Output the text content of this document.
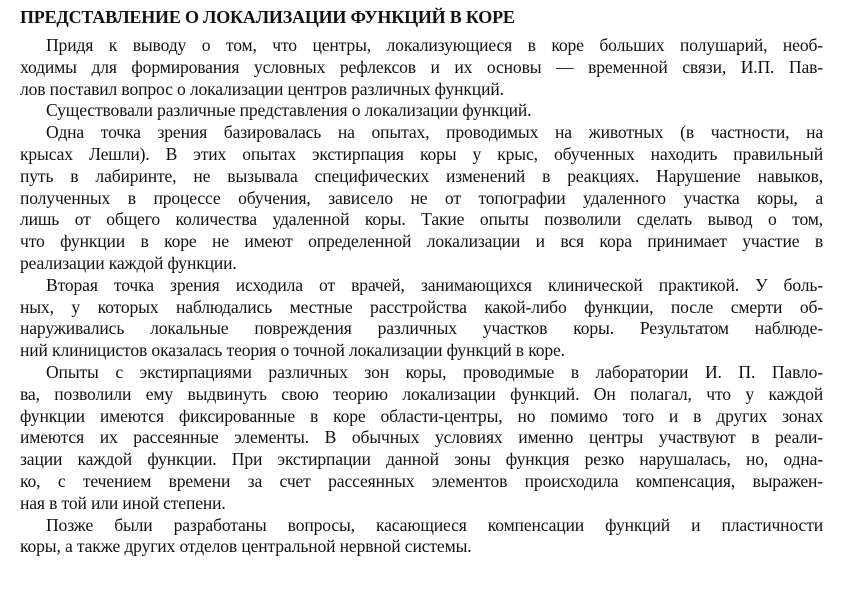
ПРЕДСТАВЛЕНИЕ О ЛОКАЛИЗАЦИИ ФУНКЦИЙ В КОРЕ

Придя к выводу о том, что центры, локализующиеся в коре больших полушарий, необ-
ходимы для формирования условных рефлексов и их основы — временной связи, И.П. Пав-
лов поставил вопрос о локализации центров различных функций.

Существовали различные представления о локализации функций.

Одна точка зрения базировалась на опытах, проводимых на животных (в частности, на
крысах Лешли). В этих опытах экстирпация коры у крыс, обученных находить правильный
путь в лабиринте, не вызывала специфических изменений в реакциях. Нарушение навыков,
полученных в процессе обучения, зависело не от топографии удаленного участка коры, а
лишь от общего количества удаленной коры. Такие опыты позволили сделать вывод о том,
что функции в коре не имеют определенной локализации и вся кора принимает участие в
реализации каждой функции.

Вторая точка зрения исходила от врачей, занимающихся клинической практикой. У боль-
ных, у которых наблюдались местные расстройства какой-либо функции, после смерти об-
наруживались локальные повреждения различных участков коры. Результатом наблюде-
ний клиницистов оказалась теория о точной локализации функций в коре.

Опыты с экстирпациями различных зон коры, проводимые в лаборатории И. П. Павло-
ва, позволили ему выдвинуть свою теорию локализации функций. Он полагал, что у каждой
функции имеются фиксированные в коре области-центры, но помимо того и в других зонах
имеются их рассеянные элементы. В обычных условиях именно центры участвуют в реали-
зации каждой функции. При экстирпации данной зоны функция резко нарушалась, но, одна-
ко, с течением времени за счет рассеянных элементов происходила компенсация, выражен-
ная в той или иной степени.

Позже были разработаны вопросы, касающиеся компенсации функций и пластичности
коры, а также других отделов центральной нервной системы.
